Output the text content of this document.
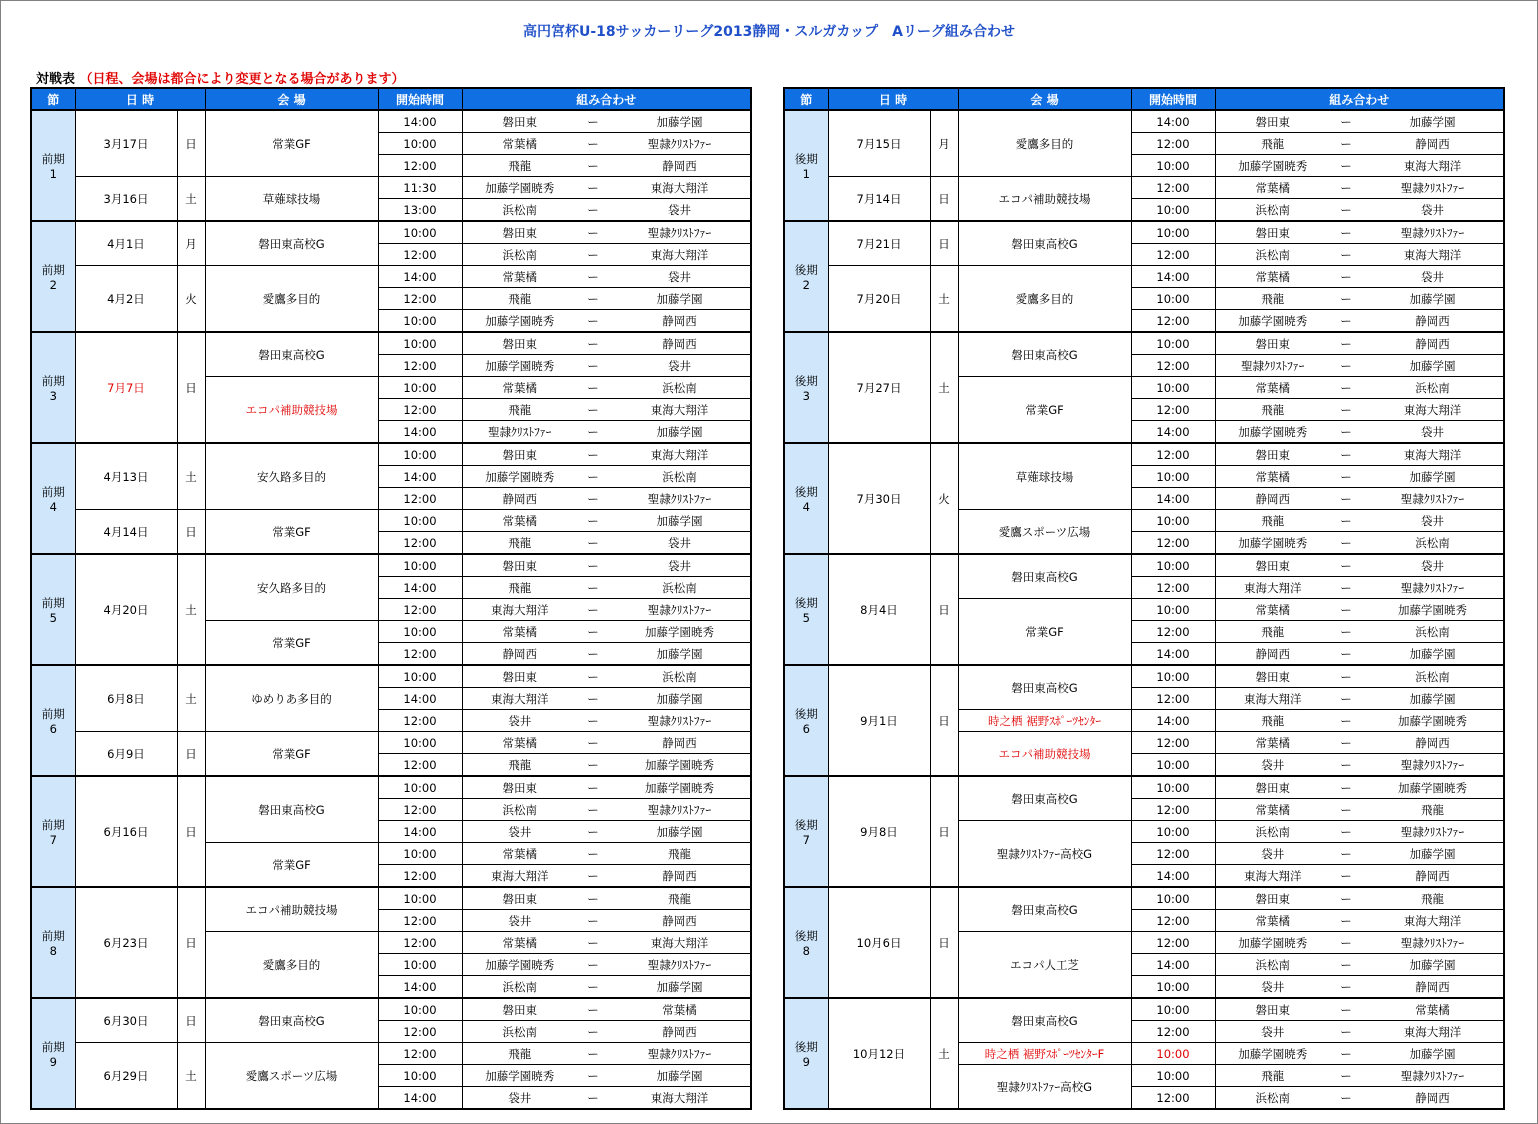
高円宮杯U-18サッカーリーグ2013静岡・スルガカップ　Aリーグ組み合わせ
対戦表 （日程、会場は都合により変更となる場合があります）
節	日 時		会 場	開始時間	組み合わせ		

前期
1	3月17日	日	常業GF	14:00	磐田東	ー	加藤学園
				10:00	常葉橘	ー	聖隷ｸﾘｽﾄﾌｧｰ
				12:00	飛龍	ー	静岡西
	3月16日	土	草薙球技場	11:30	加藤学園暁秀	ー	東海大翔洋
				13:00	浜松南	ー	袋井

前期
2	4月1日	月	磐田東高校G	10:00	磐田東	ー	聖隷ｸﾘｽﾄﾌｧｰ
				12:00	浜松南	ー	東海大翔洋
	4月2日	火	愛鷹多目的	14:00	常葉橘	ー	袋井
				12:00	飛龍	ー	加藤学園
				10:00	加藤学園暁秀	ー	静岡西

前期
3	7月7日	日	磐田東高校G	10:00	磐田東	ー	静岡西
				12:00	加藤学園暁秀	ー	袋井
			エコパ補助競技場	10:00	常葉橘	ー	浜松南
				12:00	飛龍	ー	東海大翔洋
				14:00	聖隷ｸﾘｽﾄﾌｧｰ	ー	加藤学園

前期
4	4月13日	土	安久路多目的	10:00	磐田東	ー	東海大翔洋
				14:00	加藤学園暁秀	ー	浜松南
				12:00	静岡西	ー	聖隷ｸﾘｽﾄﾌｧｰ
	4月14日	日	常業GF	10:00	常葉橘	ー	加藤学園
				12:00	飛龍	ー	袋井

前期
5	4月20日	土	安久路多目的	10:00	磐田東	ー	袋井
				14:00	飛龍	ー	浜松南
				12:00	東海大翔洋	ー	聖隷ｸﾘｽﾄﾌｧｰ
			常業GF	10:00	常葉橘	ー	加藤学園暁秀
				12:00	静岡西	ー	加藤学園

前期
6	6月8日	土	ゆめりあ多目的	10:00	磐田東	ー	浜松南
				14:00	東海大翔洋	ー	加藤学園
				12:00	袋井	ー	聖隷ｸﾘｽﾄﾌｧｰ
	6月9日	日	常業GF	10:00	常葉橘	ー	静岡西
				12:00	飛龍	ー	加藤学園暁秀

前期
7	6月16日	日	磐田東高校G	10:00	磐田東	ー	加藤学園暁秀
				12:00	浜松南	ー	聖隷ｸﾘｽﾄﾌｧｰ
				14:00	袋井	ー	加藤学園
			常業GF	10:00	常葉橘	ー	飛龍
				12:00	東海大翔洋	ー	静岡西

前期
8	6月23日	日	エコパ補助競技場	10:00	磐田東	ー	飛龍
				12:00	袋井	ー	静岡西
			愛鷹多目的	12:00	常葉橘	ー	東海大翔洋
				10:00	加藤学園暁秀	ー	聖隷ｸﾘｽﾄﾌｧｰ
				14:00	浜松南	ー	加藤学園

前期
9	6月30日	日	磐田東高校G	10:00	磐田東	ー	常葉橘
				12:00	浜松南	ー	静岡西
	6月29日	土	愛鷹スポーツ広場	12:00	飛龍	ー	聖隷ｸﾘｽﾄﾌｧｰ
				10:00	加藤学園暁秀	ー	加藤学園
				14:00	袋井	ー	東海大翔洋
節	日 時		会 場	開始時間	組み合わせ		

後期
1	7月15日	月	愛鷹多目的	14:00	磐田東	ー	加藤学園
				12:00	飛龍	ー	静岡西
				10:00	加藤学園暁秀	ー	東海大翔洋
	7月14日	日	エコパ補助競技場	12:00	常葉橘	ー	聖隷ｸﾘｽﾄﾌｧｰ
				10:00	浜松南	ー	袋井

後期
2	7月21日	日	磐田東高校G	10:00	磐田東	ー	聖隷ｸﾘｽﾄﾌｧｰ
				12:00	浜松南	ー	東海大翔洋
	7月20日	土	愛鷹多目的	14:00	常葉橘	ー	袋井
				10:00	飛龍	ー	加藤学園
				12:00	加藤学園暁秀	ー	静岡西

後期
3	7月27日	土	磐田東高校G	10:00	磐田東	ー	静岡西
				12:00	聖隷ｸﾘｽﾄﾌｧｰ	ー	加藤学園
			常業GF	10:00	常葉橘	ー	浜松南
				12:00	飛龍	ー	東海大翔洋
				14:00	加藤学園暁秀	ー	袋井

後期
4	7月30日	火	草薙球技場	12:00	磐田東	ー	東海大翔洋
				10:00	常葉橘	ー	加藤学園
				14:00	静岡西	ー	聖隷ｸﾘｽﾄﾌｧｰ
			愛鷹スポーツ広場	10:00	飛龍	ー	袋井
				12:00	加藤学園暁秀	ー	浜松南

後期
5	8月4日	日	磐田東高校G	10:00	磐田東	ー	袋井
				12:00	東海大翔洋	ー	聖隷ｸﾘｽﾄﾌｧｰ
			常業GF	10:00	常葉橘	ー	加藤学園暁秀
				12:00	飛龍	ー	浜松南
				14:00	静岡西	ー	加藤学園

後期
6	9月1日	日	磐田東高校G	10:00	磐田東	ー	浜松南
				12:00	東海大翔洋	ー	加藤学園
			時之栖 裾野ｽﾎﾟｰﾂｾﾝﾀｰ	14:00	飛龍	ー	加藤学園暁秀
			エコパ補助競技場	12:00	常葉橘	ー	静岡西
				10:00	袋井	ー	聖隷ｸﾘｽﾄﾌｧｰ

後期
7	9月8日	日	磐田東高校G	10:00	磐田東	ー	加藤学園暁秀
				12:00	常葉橘	ー	飛龍
			聖隷ｸﾘｽﾄﾌｧｰ高校G	10:00	浜松南	ー	聖隷ｸﾘｽﾄﾌｧｰ
				12:00	袋井	ー	加藤学園
				14:00	東海大翔洋	ー	静岡西

後期
8	10月6日	日	磐田東高校G	10:00	磐田東	ー	飛龍
				12:00	常葉橘	ー	東海大翔洋
			エコパ人工芝	12:00	加藤学園暁秀	ー	聖隷ｸﾘｽﾄﾌｧｰ
				14:00	浜松南	ー	加藤学園
				10:00	袋井	ー	静岡西

後期
9	10月12日	土	磐田東高校G	10:00	磐田東	ー	常葉橘
				12:00	袋井	ー	東海大翔洋
			時之栖 裾野ｽﾎﾟｰﾂｾﾝﾀｰF	10:00	加藤学園暁秀	ー	加藤学園
			聖隷ｸﾘｽﾄﾌｧｰ高校G	10:00	飛龍	ー	聖隷ｸﾘｽﾄﾌｧｰ
				12:00	浜松南	ー	静岡西
